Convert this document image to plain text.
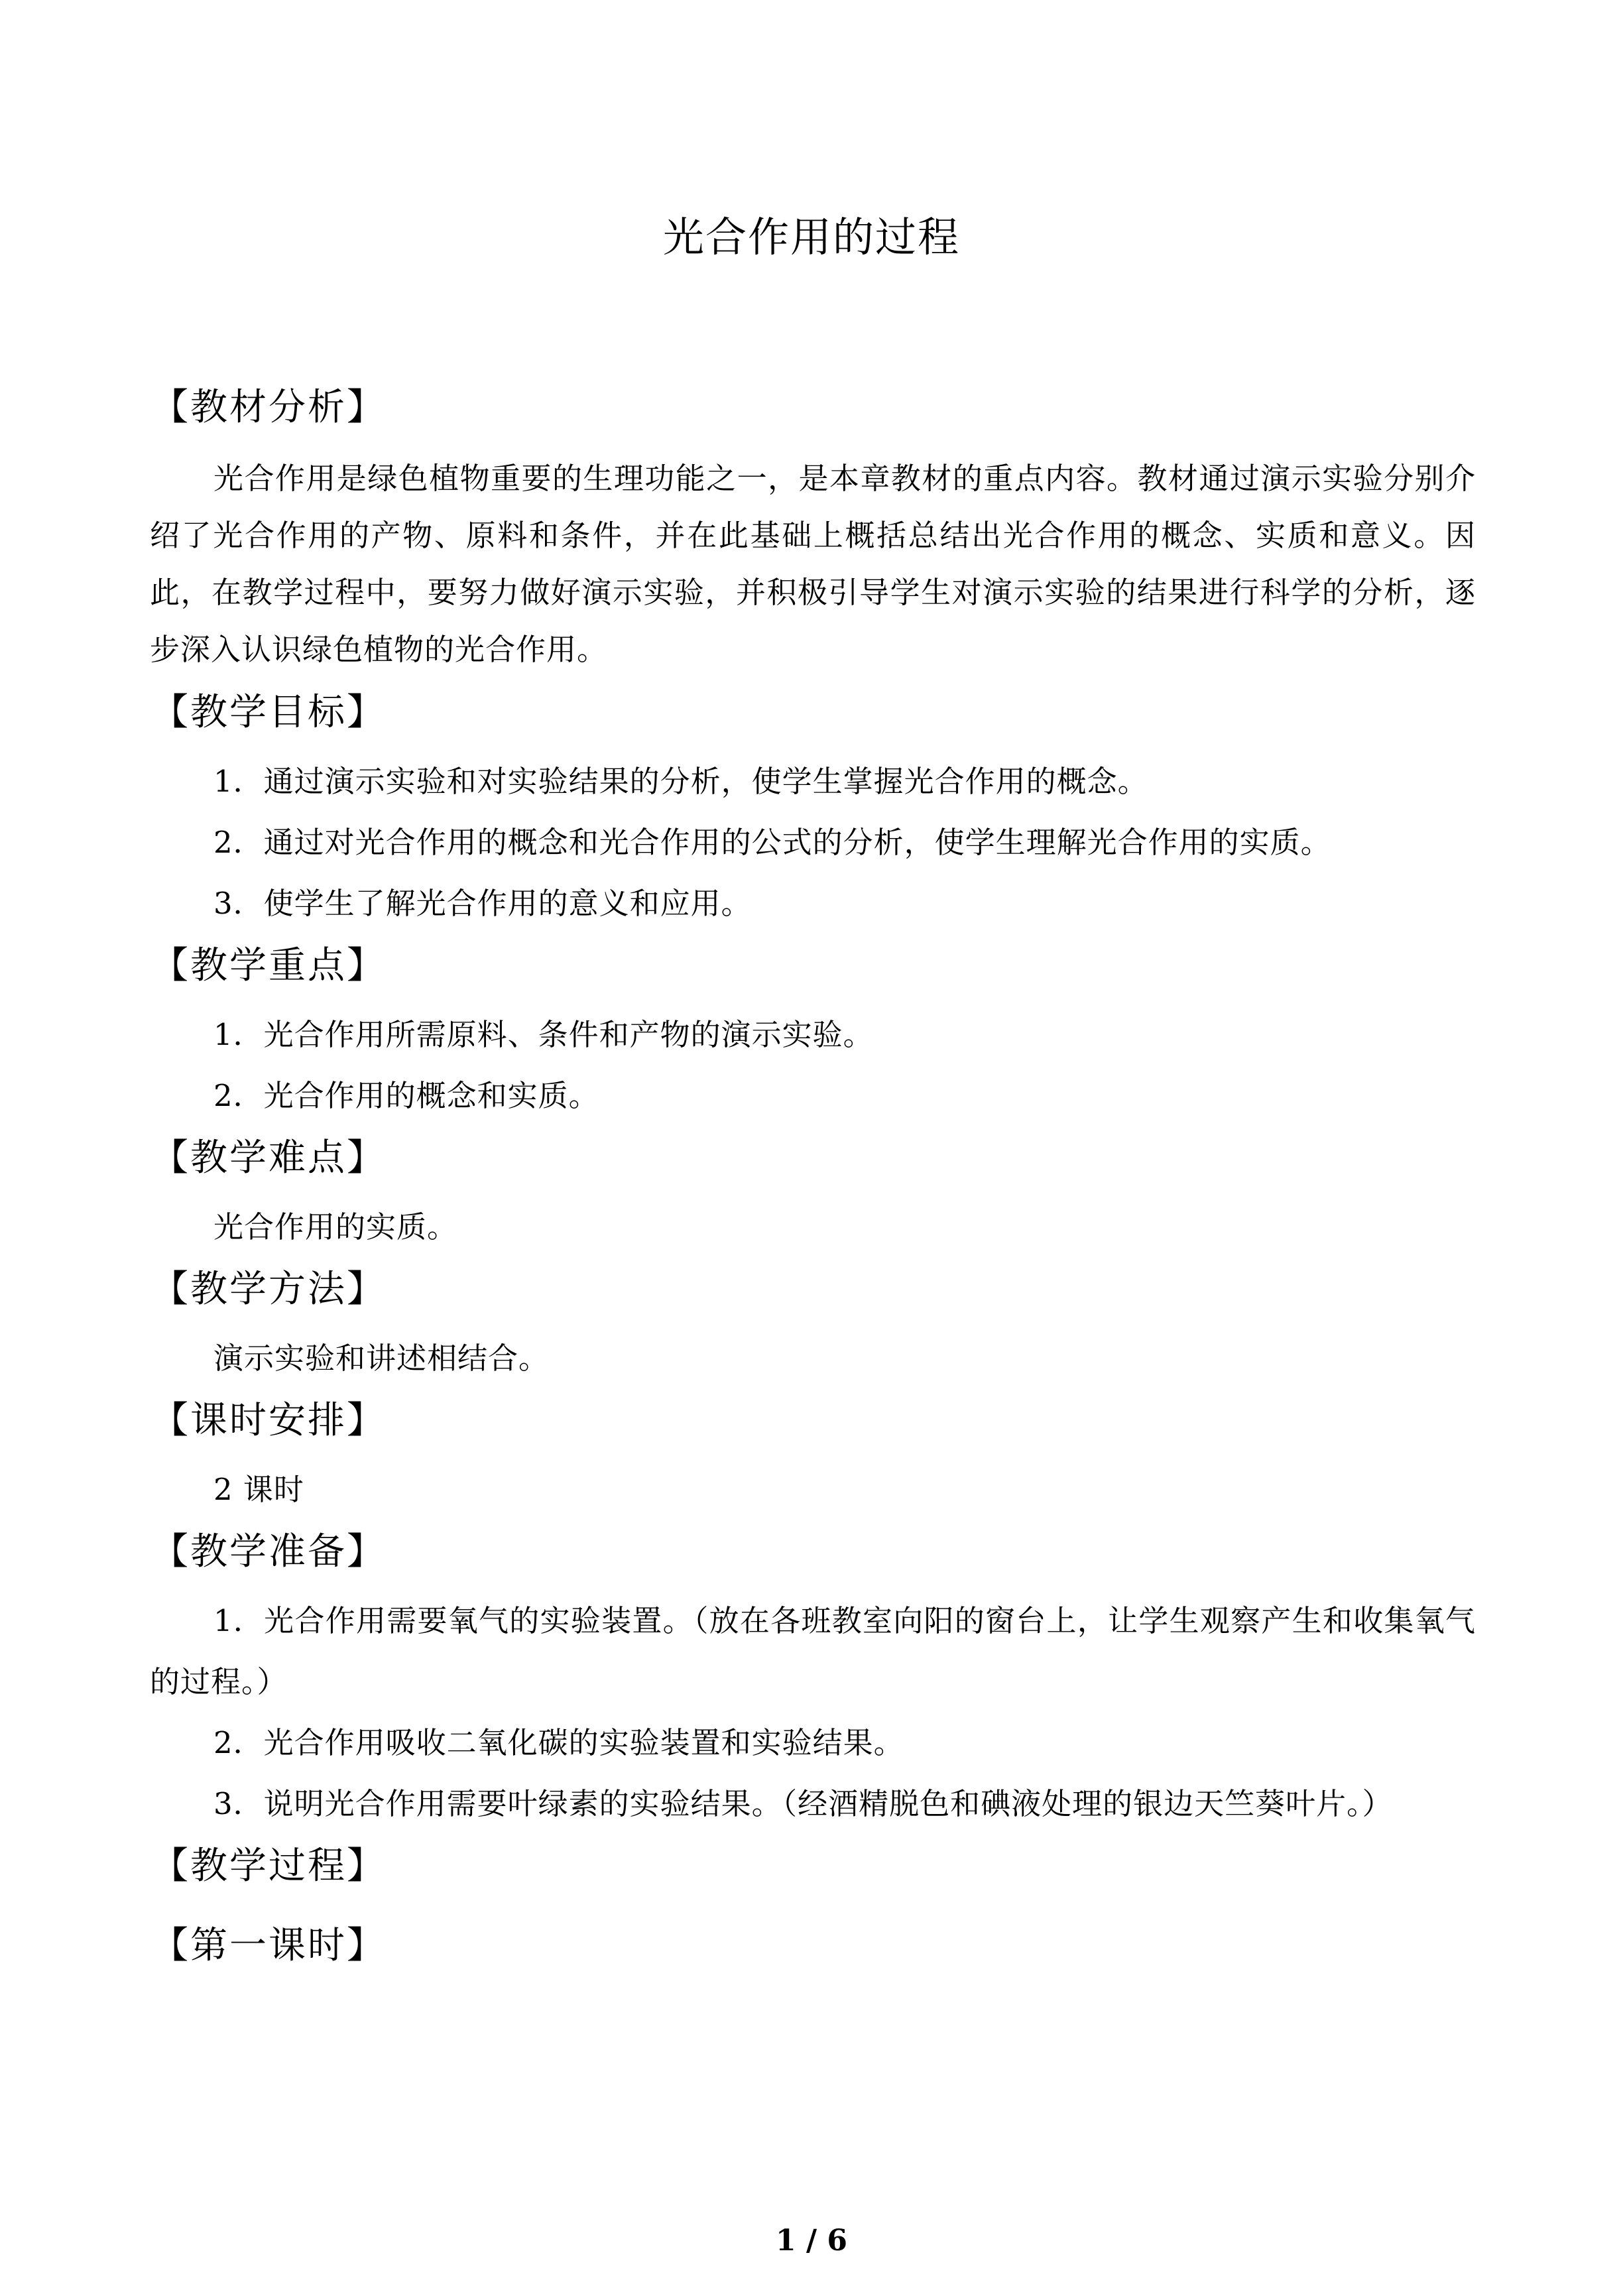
光合作用的过程
【教材分析】
光合作用是绿色植物重要的生理功能之一，是本章教材的重点内容。教材通过演示实验分别介绍了光合作用的产物、原料和条件，并在此基础上概括总结出光合作用的概念、实质和意义。因此，在教学过程中，要努力做好演示实验，并积极引导学生对演示实验的结果进行科学的分析，逐步深入认识绿色植物的光合作用。
【教学目标】
1．通过演示实验和对实验结果的分析，使学生掌握光合作用的概念。
2．通过对光合作用的概念和光合作用的公式的分析，使学生理解光合作用的实质。
3．使学生了解光合作用的意义和应用。
【教学重点】
1．光合作用所需原料、条件和产物的演示实验。
2．光合作用的概念和实质。
【教学难点】
光合作用的实质。
【教学方法】
演示实验和讲述相结合。
【课时安排】
2 课时
【教学准备】
1．光合作用需要氧气的实验装置。（放在各班教室向阳的窗台上，让学生观察产生和收集氧气的过程。）
2．光合作用吸收二氧化碳的实验装置和实验结果。
3．说明光合作用需要叶绿素的实验结果。（经酒精脱色和碘液处理的银边天竺葵叶片。）
【教学过程】
【第一课时】
1 / 6
